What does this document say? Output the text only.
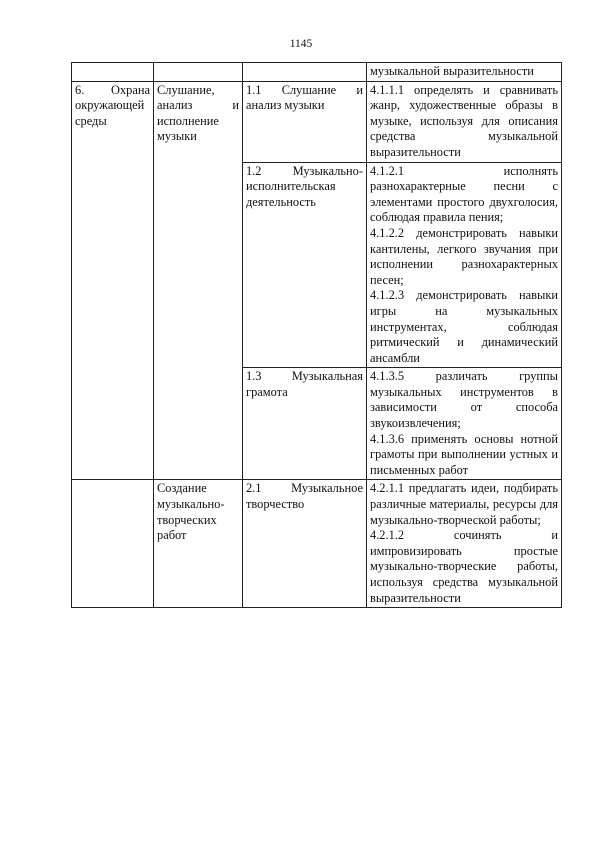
1145

			музыкальной выразительности

6. Охрана окружающей среды	Слушание, анализ и исполнение музыки	1.1 Слушание и анализ музыки	4.1.1.1 определять и сравнивать жанр, художественные образы в музыке, используя для описания средства музыкальной выразительности

		1.2 Музыкально-исполнительская деятельность	4.1.2.1 исполнять разнохарактерные песни с элементами простого двухголосия, соблюдая правила пения;
4.1.2.2 демонстрировать навыки кантилены, легкого звучания при исполнении разнохарактерных песен;
4.1.2.3 демонстрировать навыки игры на музыкальных инструментах, соблюдая ритмический и динамический ансамбли

		1.3 Музыкальная грамота	4.1.3.5 различать группы музыкальных инструментов в зависимости от способа звукоизвлечения;
4.1.3.6 применять основы нотной грамоты при выполнении устных и письменных работ

	Создание музыкально-творческих работ	2.1 Музыкальное творчество	4.2.1.1 предлагать идеи, подбирать различные материалы, ресурсы для музыкально-творческой работы;
4.2.1.2 сочинять и импровизировать простые музыкально-творческие работы, используя средства музыкальной выразительности
